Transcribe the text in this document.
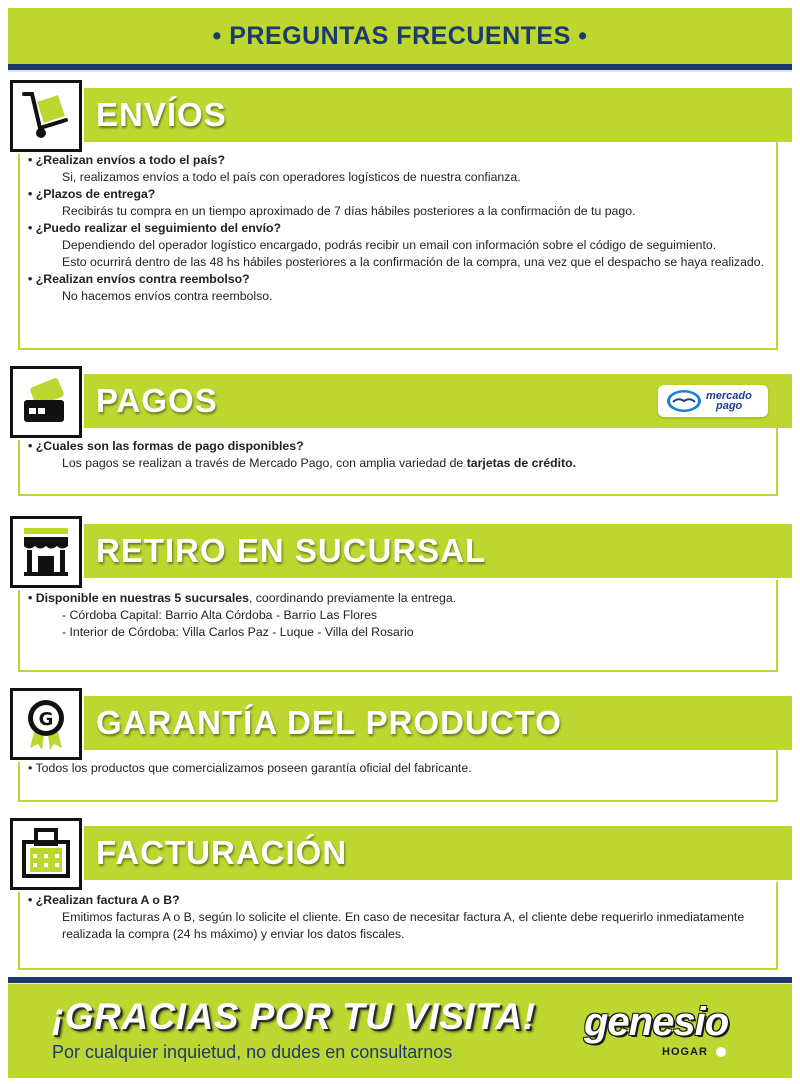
• PREGUNTAS FRECUENTES •
ENVÍOS
• ¿Realizan envíos a todo el país?
Si, realizamos envíos a todo el país con operadores logísticos de nuestra confianza.
• ¿Plazos de entrega?
Recibirás tu compra en un tiempo aproximado de 7 días hábiles posteriores a la confirmación de tu pago.
• ¿Puedo realizar el seguimiento del envío?
Dependiendo del operador logístico encargado, podrás recibir un email con información sobre el código de seguimiento.
Esto ocurrirá dentro de las 48 hs hábiles posteriores a la confirmación de la compra, una vez que el despacho se haya realizado.
• ¿Realizan envíos contra reembolso?
No hacemos envíos contra reembolso.
PAGOS	mercado
pago
• ¿Cuales son las formas de pago disponibles?
Los pagos se realizan a través de Mercado Pago, con amplia variedad de tarjetas de crédito.
RETIRO EN SUCURSAL
• Disponible en nuestras 5 sucursales, coordinando previamente la entrega.
- Córdoba Capital: Barrio Alta Córdoba - Barrio Las Flores
- Interior de Córdoba: Villa Carlos Paz - Luque - Villa del Rosario
GARANTÍA DEL PRODUCTO
G
• Todos los productos que comercializamos poseen garantía oficial del fabricante.
FACTURACIÓN
• ¿Realizan factura A o B?
Emitimos facturas A o B, según lo solicite el cliente. En caso de necesitar factura A, el cliente debe requerirlo inmediatamente
realizada la compra (24 hs máximo) y enviar los datos fiscales.
¡GRACIAS POR TU VISITA!
Por cualquier inquietud, no dudes en consultarnos
genesio
HOGAR
